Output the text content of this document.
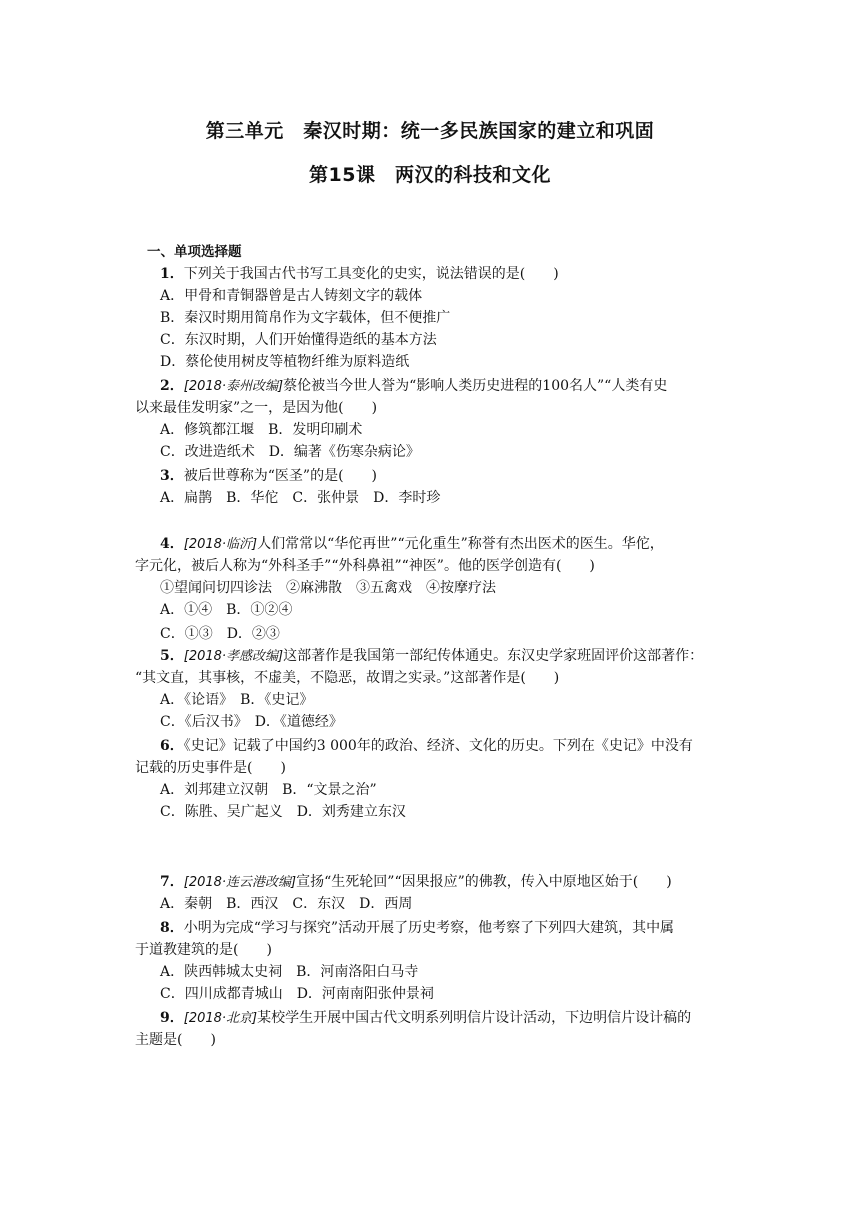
第三单元　秦汉时期：统一多民族国家的建立和巩固
第15课　两汉的科技和文化
一、单项选择题
1．下列关于我国古代书写工具变化的史实，说法错误的是(　　)
A．甲骨和青铜器曾是古人铸刻文字的载体
B．秦汉时期用简帛作为文字载体，但不便推广
C．东汉时期，人们开始懂得造纸的基本方法
D．蔡伦使用树皮等植物纤维为原料造纸
2．[2018·泰州改编]蔡伦被当今世人誉为“影响人类历史进程的100名人”“人类有史
以来最佳发明家”之一，是因为他(　　)
A．修筑都江堰　B．发明印刷术
C．改进造纸术　D．编著《伤寒杂病论》
3．被后世尊称为“医圣”的是(　　)
A．扁鹊　B．华佗　C．张仲景　D．李时珍
4．[2018·临沂]人们常常以“华佗再世”“元化重生”称誉有杰出医术的医生。华佗，
字元化，被后人称为“外科圣手”“外科鼻祖”“神医”。他的医学创造有(　　)
①望闻问切四诊法　②麻沸散　③五禽戏　④按摩疗法
A．①④　B．①②④
C．①③　D．②③
5．[2018·孝感改编]这部著作是我国第一部纪传体通史。东汉史学家班固评价这部著作：
“其文直，其事核，不虚美，不隐恶，故谓之实录。”这部著作是(　　)
A．《论语》　B．《史记》
C．《后汉书》　D．《道德经》
6．《史记》记载了中国约3 000年的政治、经济、文化的历史。下列在《史记》中没有
记载的历史事件是(　　)
A．刘邦建立汉朝　B．“文景之治”
C．陈胜、吴广起义　D．刘秀建立东汉
7．[2018·连云港改编]宣扬“生死轮回”“因果报应”的佛教，传入中原地区始于(　　)
A．秦朝　B．西汉　C．东汉　D．西周
8．小明为完成“学习与探究”活动开展了历史考察，他考察了下列四大建筑，其中属
于道教建筑的是(　　)
A．陕西韩城太史祠　B．河南洛阳白马寺
C．四川成都青城山　D．河南南阳张仲景祠
9．[2018·北京]某校学生开展中国古代文明系列明信片设计活动，下边明信片设计稿的
主题是(　　)
